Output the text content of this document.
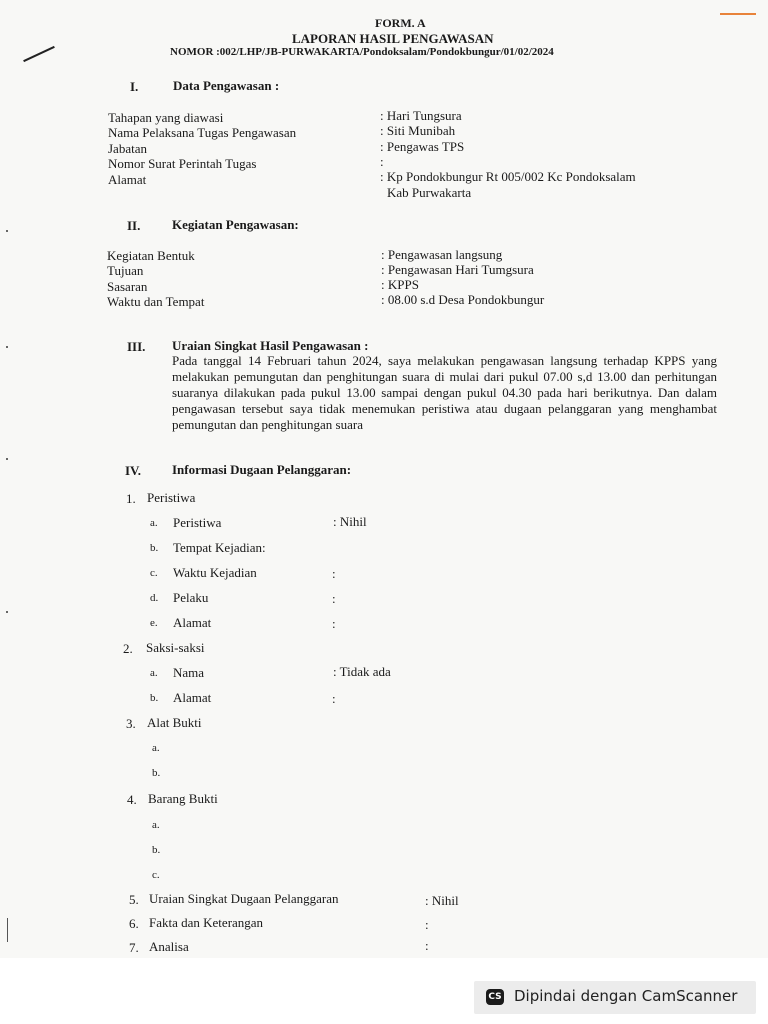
FORM. A
LAPORAN HASIL PENGAWASAN
NOMOR :002/LHP/JB-PURWAKARTA/Pondoksalam/Pondokbungur/01/02/2024
I.	Data Pengawasan :
Tahapan yang diawasi	: Hari Tungsura
Nama Pelaksana Tugas Pengawasan	: Siti Munibah
Jabatan	: Pengawas TPS
Nomor Surat Perintah Tugas	:
Alamat	: Kp Pondokbungur Rt 005/002 Kc Pondoksalam
Kab Purwakarta
II. Kegiatan Pengawasan:
Kegiatan Bentuk	: Pengawasan langsung
Tujuan	: Pengawasan Hari Tumgsura
Sasaran	: KPPS
Waktu dan Tempat	: 08.00 s.d Desa Pondokbungur
III. Uraian Singkat Hasil Pengawasan :
Pada tanggal 14 Februari tahun 2024, saya melakukan pengawasan langsung terhadap KPPS yang melakukan pemungutan dan penghitungan suara di mulai dari pukul 07.00 s,d 13.00 dan perhitungan suaranya dilakukan pada pukul 13.00 sampai dengan pukul 04.30 pada hari berikutnya. Dan dalam pengawasan tersebut saya tidak menemukan peristiwa atau dugaan pelanggaran yang menghambat pemungutan dan penghitungan suara
IV. Informasi Dugaan Pelanggaran:
1. Peristiwa
a. Peristiwa	: Nihil
b. Tempat Kejadian:
c. Waktu Kejadian	:
d. Pelaku	:
e. Alamat	:
2. Saksi-saksi
a. Nama	: Tidak ada
b. Alamat	:
3. Alat Bukti
a.
b.
4. Barang Bukti
a.
b.
c.
5. Uraian Singkat Dugaan Pelanggaran	: Nihil
6. Fakta dan Keterangan	:
7. Analisa	:
CS Dipindai dengan CamScanner
